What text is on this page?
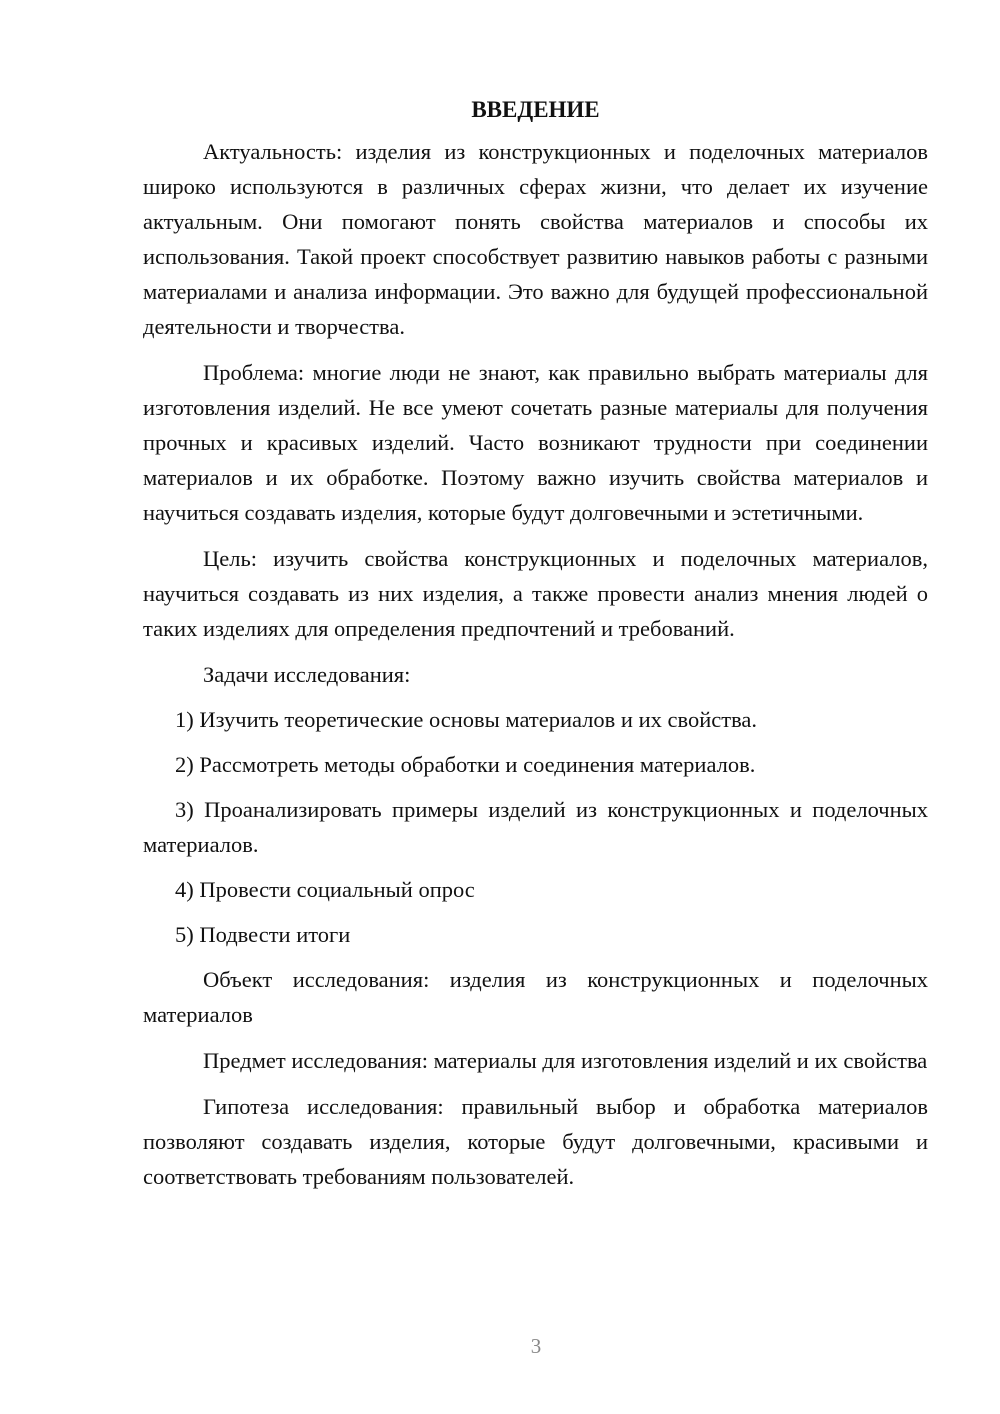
ВВЕДЕНИЕ

Актуальность: изделия из конструкционных и поделочных материалов широко используются в различных сферах жизни, что делает их изучение актуальным. Они помогают понять свойства материалов и способы их использования. Такой проект способствует развитию навыков работы с разными материалами и анализа информации. Это важно для будущей профессиональной деятельности и творчества.

Проблема: многие люди не знают, как правильно выбрать материалы для изготовления изделий. Не все умеют сочетать разные материалы для получения прочных и красивых изделий. Часто возникают трудности при соединении материалов и их обработке. Поэтому важно изучить свойства материалов и научиться создавать изделия, которые будут долговечными и эстетичными.

Цель: изучить свойства конструкционных и поделочных материалов, научиться создавать из них изделия, а также провести анализ мнения людей о таких изделиях для определения предпочтений и требований.

Задачи исследования:

1) Изучить теоретические основы материалов и их свойства.

2) Рассмотреть методы обработки и соединения материалов.

3) Проанализировать примеры изделий из конструкционных и поделочных материалов.

4) Провести социальный опрос

5) Подвести итоги

Объект исследования: изделия из конструкционных и поделочных материалов

Предмет исследования: материалы для изготовления изделий и их свойства

Гипотеза исследования: правильный выбор и обработка материалов позволяют создавать изделия, которые будут долговечными, красивыми и соответствовать требованиям пользователей.

3
